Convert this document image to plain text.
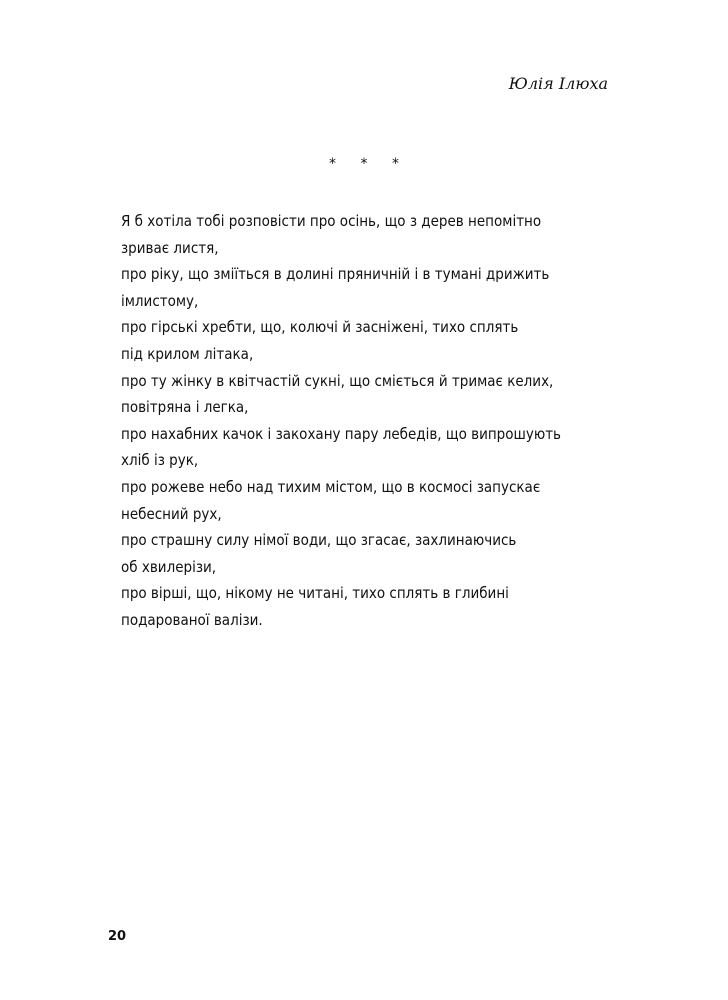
Юлія Ілюха
* * *
Я б хотіла тобі розповісти про осінь, що з дерев непомітно
зриває листя,
про ріку, що зміїться в долині пряничній і в тумані дрижить
імлистому,
про гірські хребти, що, колючі й засніжені, тихо сплять
під крилом літака,
про ту жінку в квітчастій сукні, що сміється й тримає келих,
повітряна і легка,
про нахабних качок і закохану пару лебедів, що випрошують
хліб із рук,
про рожеве небо над тихим містом, що в космосі запускає
небесний рух,
про страшну силу німої води, що згасає, захлинаючись
об хвилерізи,
про вірші, що, нікому не читані, тихо сплять в глибині
подарованої валізи.
20
